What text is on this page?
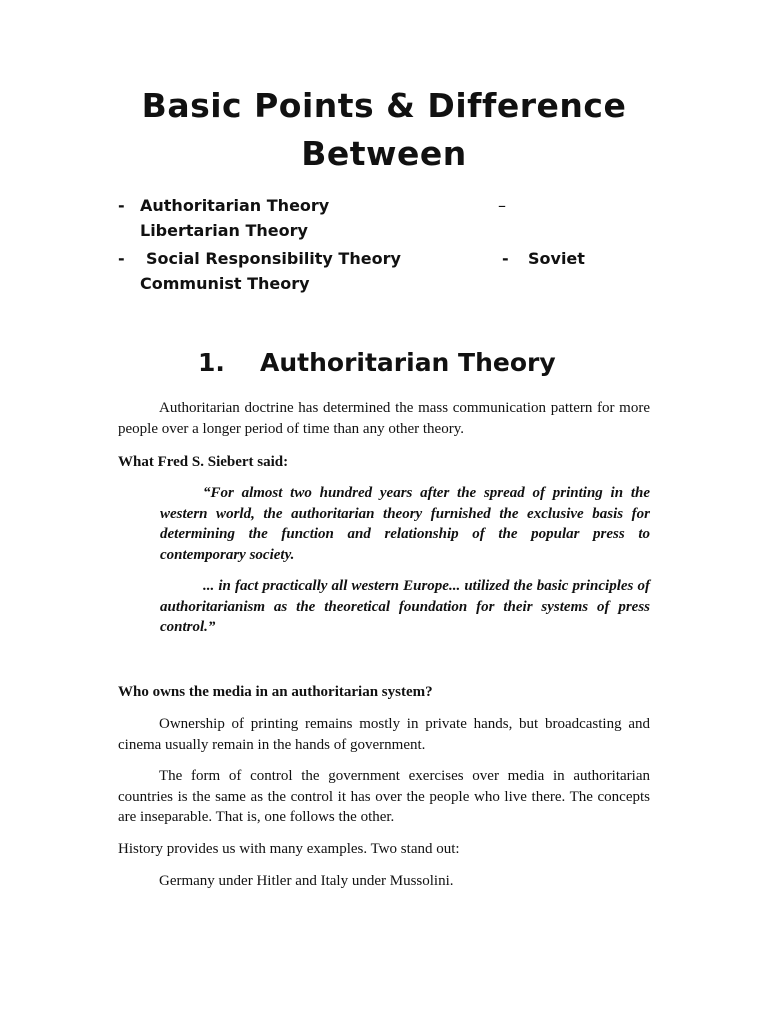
Basic Points & Difference
Between
- Authoritarian Theory	–
Libertarian Theory
- Social Responsibility Theory	- Soviet
Communist Theory
1. Authoritarian Theory
Authoritarian doctrine has determined the mass communication pattern for more people over a longer period of time than any other theory.
What Fred S. Siebert said:
“For almost two hundred years after the spread of printing in the western world, the authoritarian theory furnished the exclusive basis for determining the function and relationship of the popular press to contemporary society.
... in fact practically all western Europe... utilized the basic principles of authoritarianism as the theoretical foundation for their systems of press control.”
Who owns the media in an authoritarian system?
Ownership of printing remains mostly in private hands, but broadcasting and cinema usually remain in the hands of government.
The form of control the government exercises over media in authoritarian countries is the same as the control it has over the people who live there. The concepts are inseparable. That is, one follows the other.
History provides us with many examples. Two stand out:
Germany under Hitler and Italy under Mussolini.
